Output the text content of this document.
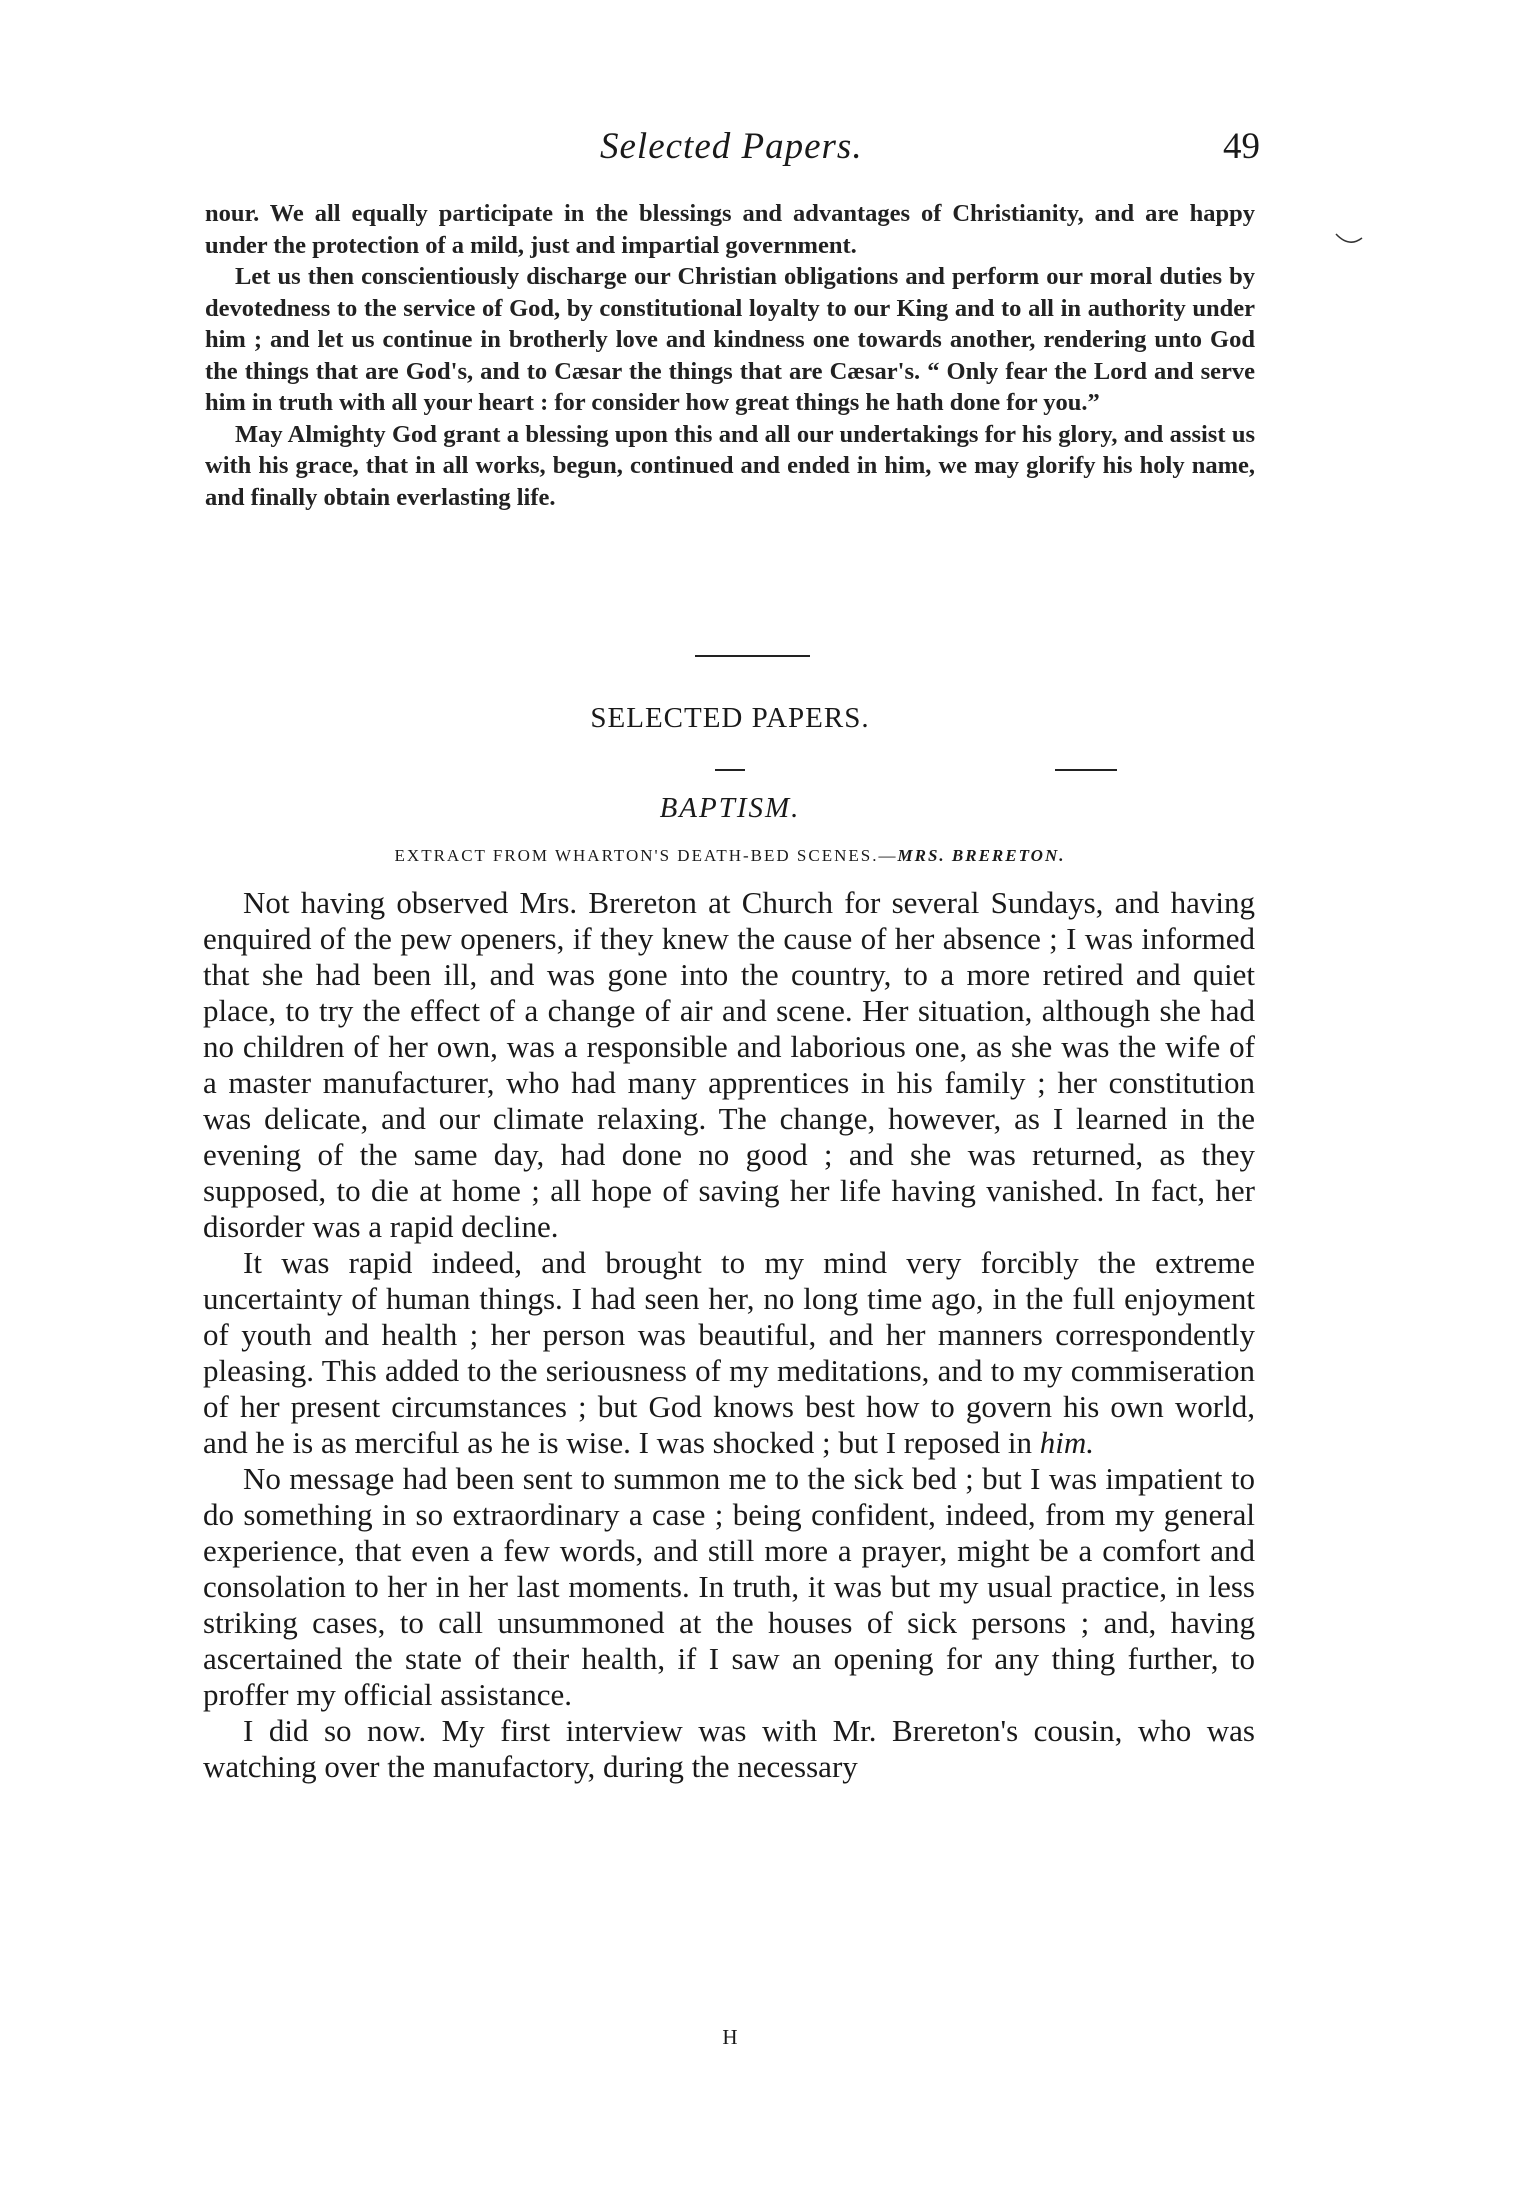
Selected Papers.	49

nour. We all equally participate in the blessings and advantages of Christianity, and are happy under the protection of a mild, just and impartial government.

Let us then conscientiously discharge our Christian obligations and perform our moral duties by devotedness to the service of God, by constitutional loyalty to our King and to all in authority under him ; and let us continue in brotherly love and kindness one towards another, rendering unto God the things that are God's, and to Cæsar the things that are Cæsar's. “ Only fear the Lord and serve him in truth with all your heart : for consider how great things he hath done for you.”

May Almighty God grant a blessing upon this and all our undertakings for his glory, and assist us with his grace, that in all works, begun, continued and ended in him, we may glorify his holy name, and finally obtain everlasting life.

SELECTED PAPERS.
BAPTISM.
EXTRACT FROM WHARTON'S DEATH-BED SCENES.—MRS. BRERETON.

Not having observed Mrs. Brereton at Church for several Sundays, and having enquired of the pew openers, if they knew the cause of her absence ; I was informed that she had been ill, and was gone into the country, to a more retired and quiet place, to try the effect of a change of air and scene. Her situation, although she had no children of her own, was a responsible and laborious one, as she was the wife of a master manufacturer, who had many apprentices in his family ; her constitution was delicate, and our climate relaxing. The change, however, as I learned in the evening of the same day, had done no good ; and she was returned, as they supposed, to die at home ; all hope of saving her life having vanished. In fact, her disorder was a rapid decline.

It was rapid indeed, and brought to my mind very forcibly the extreme uncertainty of human things. I had seen her, no long time ago, in the full enjoyment of youth and health ; her person was beautiful, and her manners correspondently pleasing. This added to the seriousness of my meditations, and to my commiseration of her present circumstances ; but God knows best how to govern his own world, and he is as merciful as he is wise. I was shocked ; but I reposed in him.

No message had been sent to summon me to the sick bed ; but I was impatient to do something in so extraordinary a case ; being confident, indeed, from my general experience, that even a few words, and still more a prayer, might be a comfort and consolation to her in her last moments. In truth, it was but my usual practice, in less striking cases, to call unsummoned at the houses of sick persons ; and, having ascertained the state of their health, if I saw an opening for any thing further, to proffer my official assistance.

I did so now. My first interview was with Mr. Brereton's cousin, who was watching over the manufactory, during the necessary

H
